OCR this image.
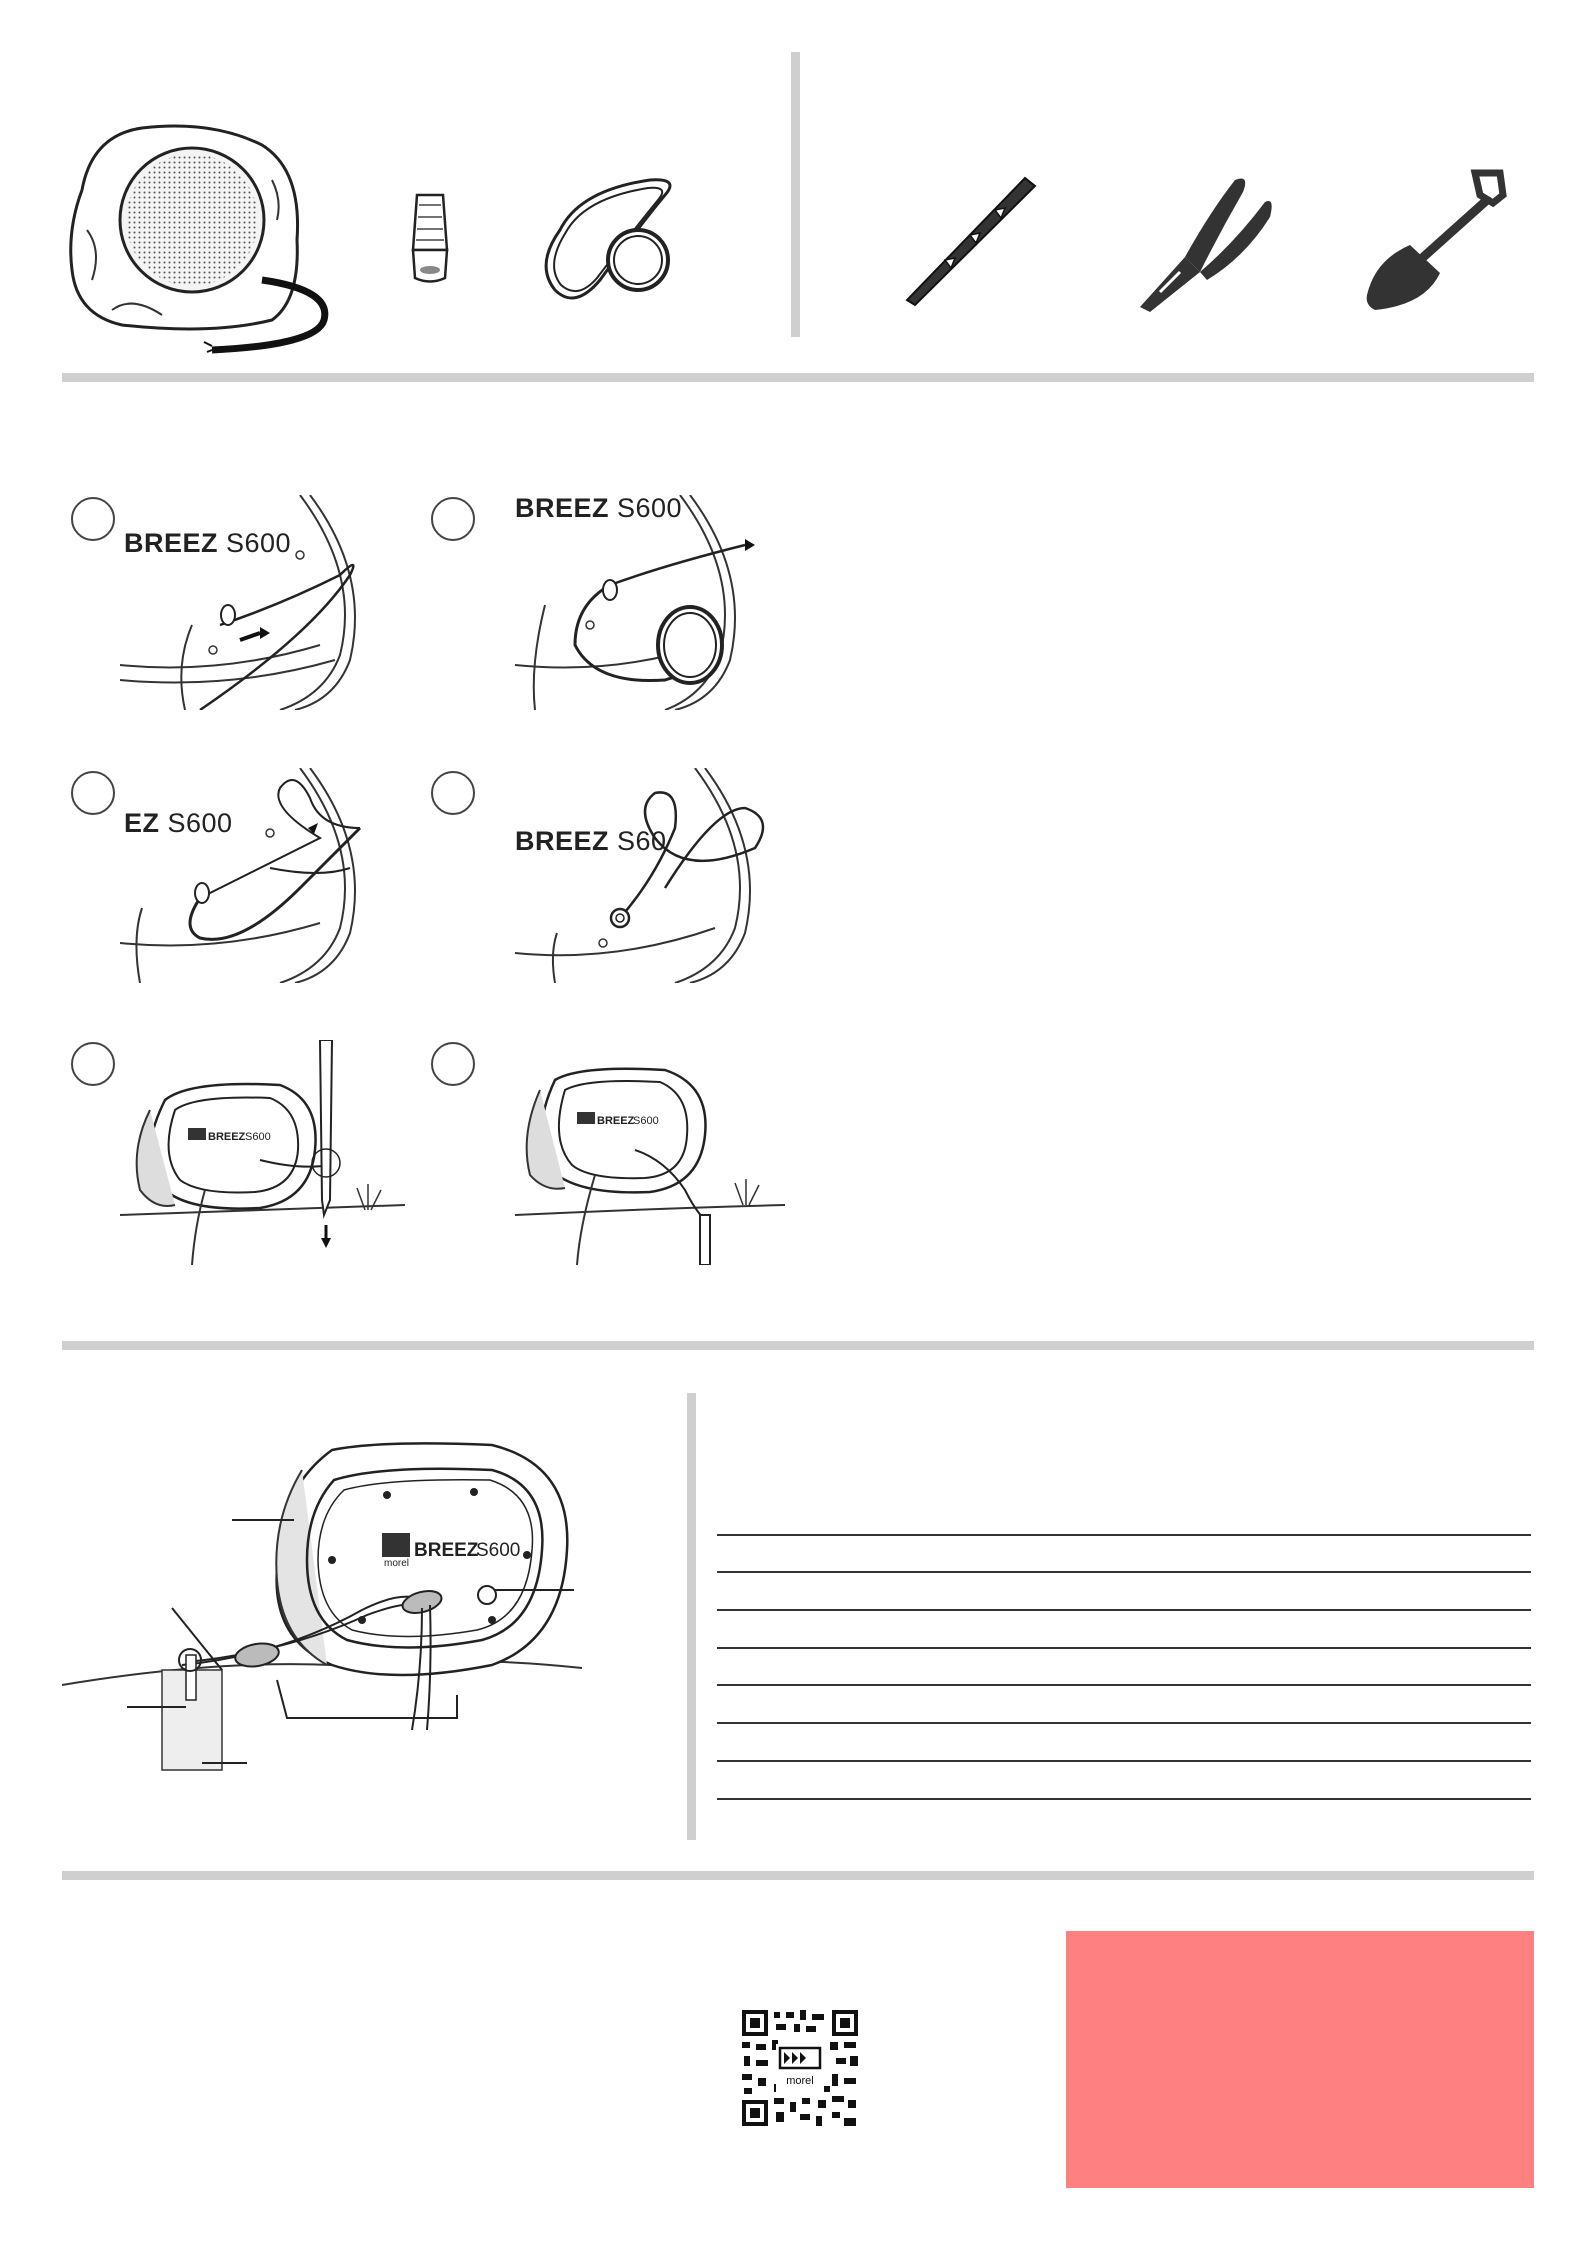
BREEZ S600
BREEZ S600
EZ S600
BREEZ S60
BREEZ S600
BREEZ
S600
morel
BREEZ
S600
morel
